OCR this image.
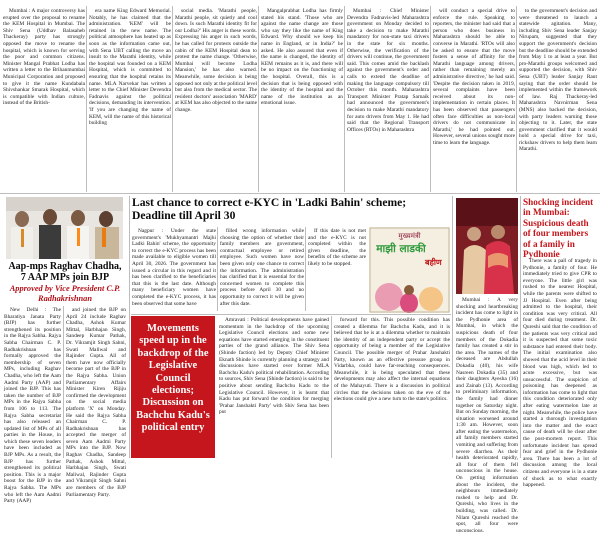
Mumbai : A major controversy has erupted over the proposal to rename the KEM Hospital in Mumbai. The Shiv Sena (Uddhav Balasaheb Thackeray) party has strongly opposed the move to rename the hospital, which is known for serving the poor and common citizens. Minister Mangal Prabhat Lodha has written a letter to the Brihanmumbai Municipal Corporation and proposed to give it the name Kundabala Shivshankar Smarak Hospital, which is compatible with Indian culture, instead of the British-

era name King Edward Memorial. Notably, he has claimed that the administration. 'KEM' will be retained in the new name. The political atmosphere has heated up as soon as the information came out, with Sena UBT calling the move an insult to the Marathi identity, while the hospital was founded on a KEM Hospital, which is committed to ensuring that the hospital retains its name. MLA Narvekar has written a letter to the Chief Minister Devendra Fadnavis against the political decisions, demanding its intervention. 'If you are changing the name of KEM, will the name of this historical building

social media. 'Marathi people, Marathi people, sit quietly and cool down. Is such Marathi identity fit for our Lodha?' His anger is these words. Expressing his anger in such words, he has called for protests outside the cabin of the KEM Hospital dean to protest the name change. 'Otherwise, Mumbai will become Lodha Mansion,' he has also warned. Meanwhile, some decision is being opposed not only at the political level but also from the medical sector. The resident doctors' association 'MARD' at KEM has also objected to the name change.

Mangalprabhat Lodha has firmly stated his stand. 'Those who are against the name change are those who say they like the name of King Edward. Why should we keep his name in England, or in India?' he asked. He also assured that even if the name is changed, the identity of KEM remains as it is, and there will be no impact on the functioning of the hospital. Overall, this is a decision that is being opposed with the identity of the hospital and the name of the institution as an emotional issue.

Mumbai : Chief Minister Devendra Fadnavis-led Maharashtra government on Monday decided to take a decision to make Marathi mandatory for non-state taxi drivers in the state for six months. Otherwise, the verification of the drivers will continue, the government said. This comes amid the backlash against the government's order and calls to extend the deadline of making the language compulsory till October this month. Maharashtra Transport Minister Pratap Sarnaik had announced the government's decision to make Marathi mandatory for auto drivers from May 1. He had said that the Regional Transport Offices (RTOs) in Maharashtra

will conduct a special drive to enforce the rule. Speaking to reporters, the minister had said that a person who does business in Maharashtra should be able to converse in Marathi. 'RTOs will also be asked to ensure that the move fosters a sense of affinity for the Marathi language among drivers, rather than remaining merely an administrative directive,' he had said. 'Despite the decision taken in 2019, several complaints have been received about its non-implementation in certain places. It has been observed that passengers often face difficulties as non-local drivers do not communicate in Marathi,' he had pointed out. However, several unions sought more time to learn the language.

to the government's decision and were threatened to launch a statewide agitation. Many, including Shiv Sena leader Sanjay Nirupam, suggested that they support the government's decision but the deadline should be extended from May 1 to at least a year. But pro-Marathi groups welcomed and supported the decision, with Shiv Sena (UBT) leader Sanjay Raut saying that the order should be implemented within the framework of law. Raj Thackeray-led Maharashtra Navnirman Sena (MNS) also backed the decision, with party leaders warning those objecting to it. Later, the state government clarified that it would hold a special drive for taxi, rickshaw drivers to help them learn Marathi.

Aap-mps Raghav Chadha, 7 AAP MPs join BJP
Approved by Vice President C.P. Radhakrishnan

New Delhi : The Bharatiya Janata Party (BJP) has further strengthened its position in the Rajya Sabha. Rajya Sabha Chairman C. P. Radhakrishnan has formally approved the membership of seven MPs, including Raghav Chadha, who left the Aam Aadmi Party (AAP) and joined the BJP. This has taken the number of BJP MPs in the Rajya Sabha from 106 to 113. The Rajya Sabha secretariat has also released an updated list of MPs of all parties in the House, in which these seven leaders have been included as BJP MPs. As a result, the BJP has further strengthened its political position. This is a major boost for the BJP in the Rajya Sabha. The MPs who left the Aam Aadmi Party (AAP)

and joined the BJP on April 24 include Raghav Chadha, Ashok Kumar Mittal, Harbhajan Singh, Sandeep Kumar Pathak, Dr. Vikramjit Singh Sahni, Swati Maliwal and Rajinder Gupta. All of them have now officially become part of the BJP in the Rajya Sabha. Union Parliamentary Affairs Minister Kiren Rijiju confirmed the development on the social media platform 'X' on Monday. He said the Rajya Sabha Chairman C. P. Radhakrishnan has accepted the merger of seven Aam Aadmi Party MPs into the BJP. Now Raghav Chadha, Sandeep Pathak, Ashok Mittal, Harbhajan Singh, Swati Maliwal, Rajinder Gupta and Vikramjit Singh Sahni are members of the BJP Parliamentary Party.

Last chance to correct e-KYC in 'Ladki Bahin' scheme; Deadline till April 30

Nagpur : Under the state government's 'Mukhyamantri Majhi Ladki Bahin' scheme, the opportunity to correct the e-KYC process has been made available to eligible women till April 30, 2026. The government has issued a circular in this regard and it has been clarified to the beneficiaries that this is the last date. Although many beneficiary women have completed the e-KYC process, it has been observed that some have

filled wrong information while choosing the option of whether their family members are government, contractual employee or retired employee. Such women have now been given only one chance to correct the information. The administration has clarified that it is essential for the concerned women to complete this process before April 30 and no opportunity to correct it will be given after this date.

If this date is not met and the e-KYC is not completed within the given deadline, the benefits of the scheme are likely to be stopped.

मुख्यमंत्री
माझी लाडकी
बहीण
Movements speed up in the backdrop of the Legislative Council elections; Discussion on Bachchu Kadu's political entry

Amravati : Political developments have gained momentum in the backdrop of the upcoming Legislative Council elections and some new equations have started emerging in the constituent parties of the grand alliance. The Shiv Sena (Shinde faction) led by Deputy Chief Minister Eknath Shinde is currently planning a strategy and discussions have started over former MLA Bachchu Kadu's political rehabilitation. According to sources, Shiv Sena (Shinde faction) is said to be positive about sending Bachchu Kadu to the Legislative Council. However, it is learnt that Kadu has put forward the condition for merging 'Prahar Janshakti Party' with Shiv Sena has been put

forward for this. This possible condition has created a dilemma for Bachchu Kadu, and it is believed that he is at a dilemma whether to maintain the identity of an independent party or accept the opportunity of being a member of the Legislative Council. The possible merger of Prahar Janshakti Party, known as an effective pressure group in Vidarbha, could have far-reaching consequences. Meanwhile, it is being speculated that these developments may also affect the internal equations of the Mahayuti. There is a discussion in political circles that the decisions taken on the eve of the elections could give a new turn to the state's politics.

Mumbai : A very shocking and heartbreaking incident has come to light in the Pydhonie area of Mumbai, in which the suspicious death of four members of the Dokadia family has created a stir in the area. The names of the deceased are Abdullah Dokadia (40), his wife Nasreen Dokadia (35) and their daughters Ayesha (16) and Zainab (13). According to preliminary information, the family had dinner together on Saturday night. But on Sunday morning, the situation worsened around 1:30 am. However, soon after eating the watermelon, all family members started vomiting and suffering from severe diarrhea. As their health deteriorated rapidly, all four of them fell unconscious in the house. On getting information about the incident, the neighbours immediately rushed to help and Dr. Qureshi, who lives in the building, was called. Dr. Nilam Qureshi reached the spot, all four were unconscious.

Shocking incident in Mumbai: Suspicious death of four members of a family in Pydhonie

There was a pall of tragedy in Pydhonie, a family of four. He immediately tried to give CPR to everyone. The little girl was rushed to the nearest Hospital, while the parents were shifted to JJ Hospital. Even after being admitted to the hospital, their condition was very critical. All four died during treatment. Dr. Qureshi said that the condition of the patients was very critical and it is suspected that some toxic substance had entered their body. The initial examination also showed that the acid level in their blood was high, which led to acute excessive, but was unsuccessful. The suspicion of poisoning has deepened as information has come to light that this condition deteriorated only after eating watermelon late at night. Meanwhile, the police have started a thorough investigation into the matter and the exact cause of death will be clear after the post-mortem report. This unfortunate incident has spread fear and grief in the Pydhonie area. There has been a lot of discussion among the local citizens and everyone is in a state of shock as to what exactly happened.
